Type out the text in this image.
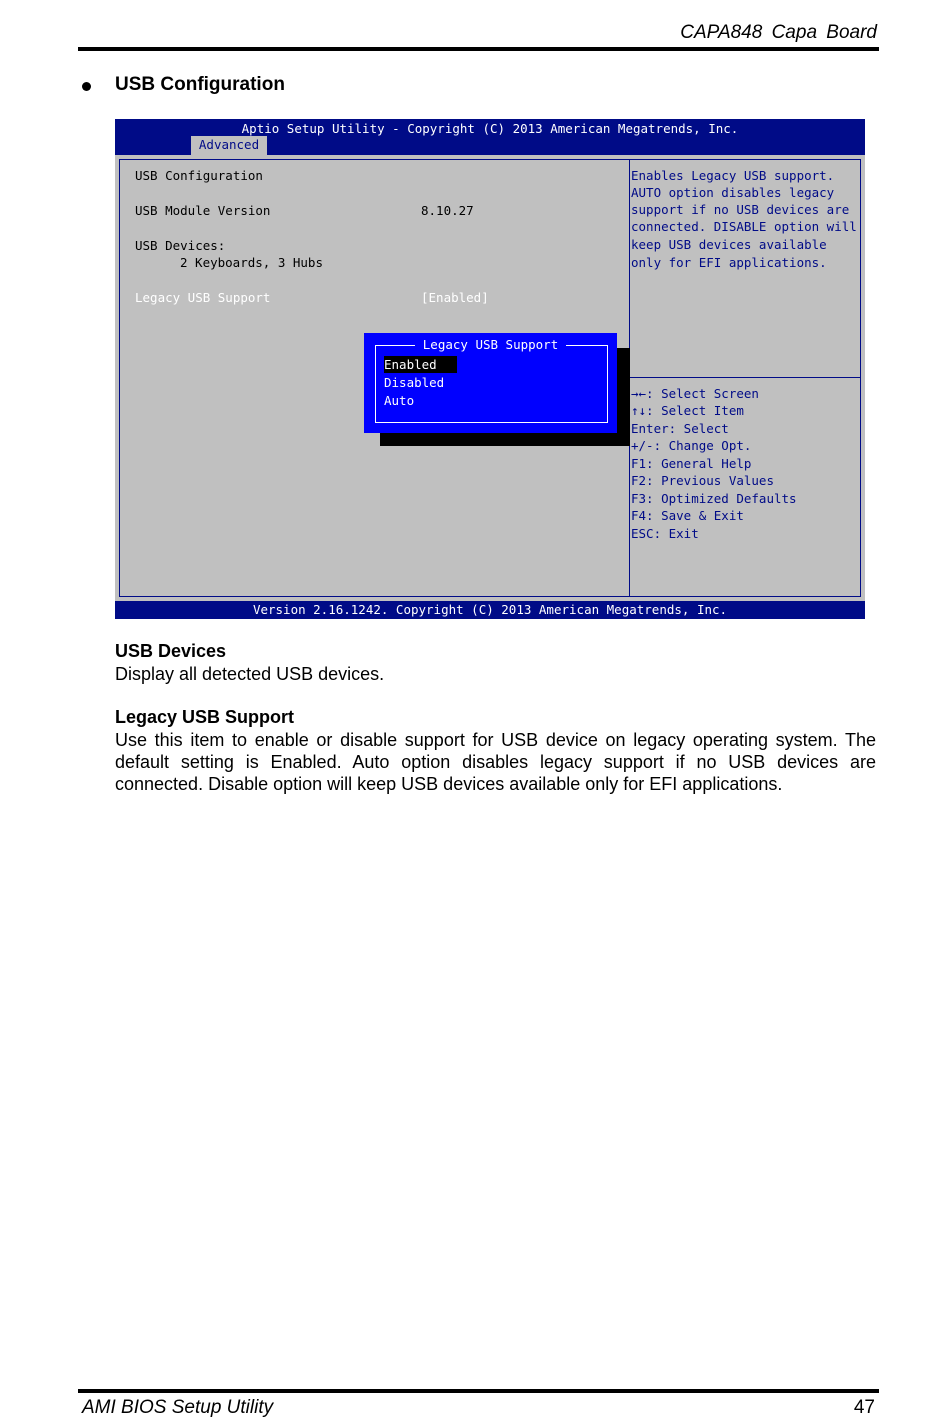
CAPA848 Capa Board
USB Configuration
Aptio Setup Utility - Copyright (C) 2013 American Megatrends, Inc.
Advanced
USB Configuration
USB Module Version	8.10.27
USB Devices:
2 Keyboards, 3 Hubs
Legacy USB Support	[Enabled]
Enables Legacy USB support.
AUTO option disables legacy
support if no USB devices are
connected. DISABLE option will
keep USB devices available
only for EFI applications.
→←: Select Screen
↑↓: Select Item
Enter: Select
+/-: Change Opt.
F1: General Help
F2: Previous Values
F3: Optimized Defaults
F4: Save & Exit
ESC: Exit
Legacy USB Support
Enabled
Disabled
Auto
Version 2.16.1242. Copyright (C) 2013 American Megatrends, Inc.
USB Devices
Display all detected USB devices.
Legacy USB Support
Use this item to enable or disable support for USB device on legacy operating system. The default setting is Enabled. Auto option disables legacy support if no USB devices are connected. Disable option will keep USB devices available only for EFI applications.
AMI BIOS Setup Utility	47
